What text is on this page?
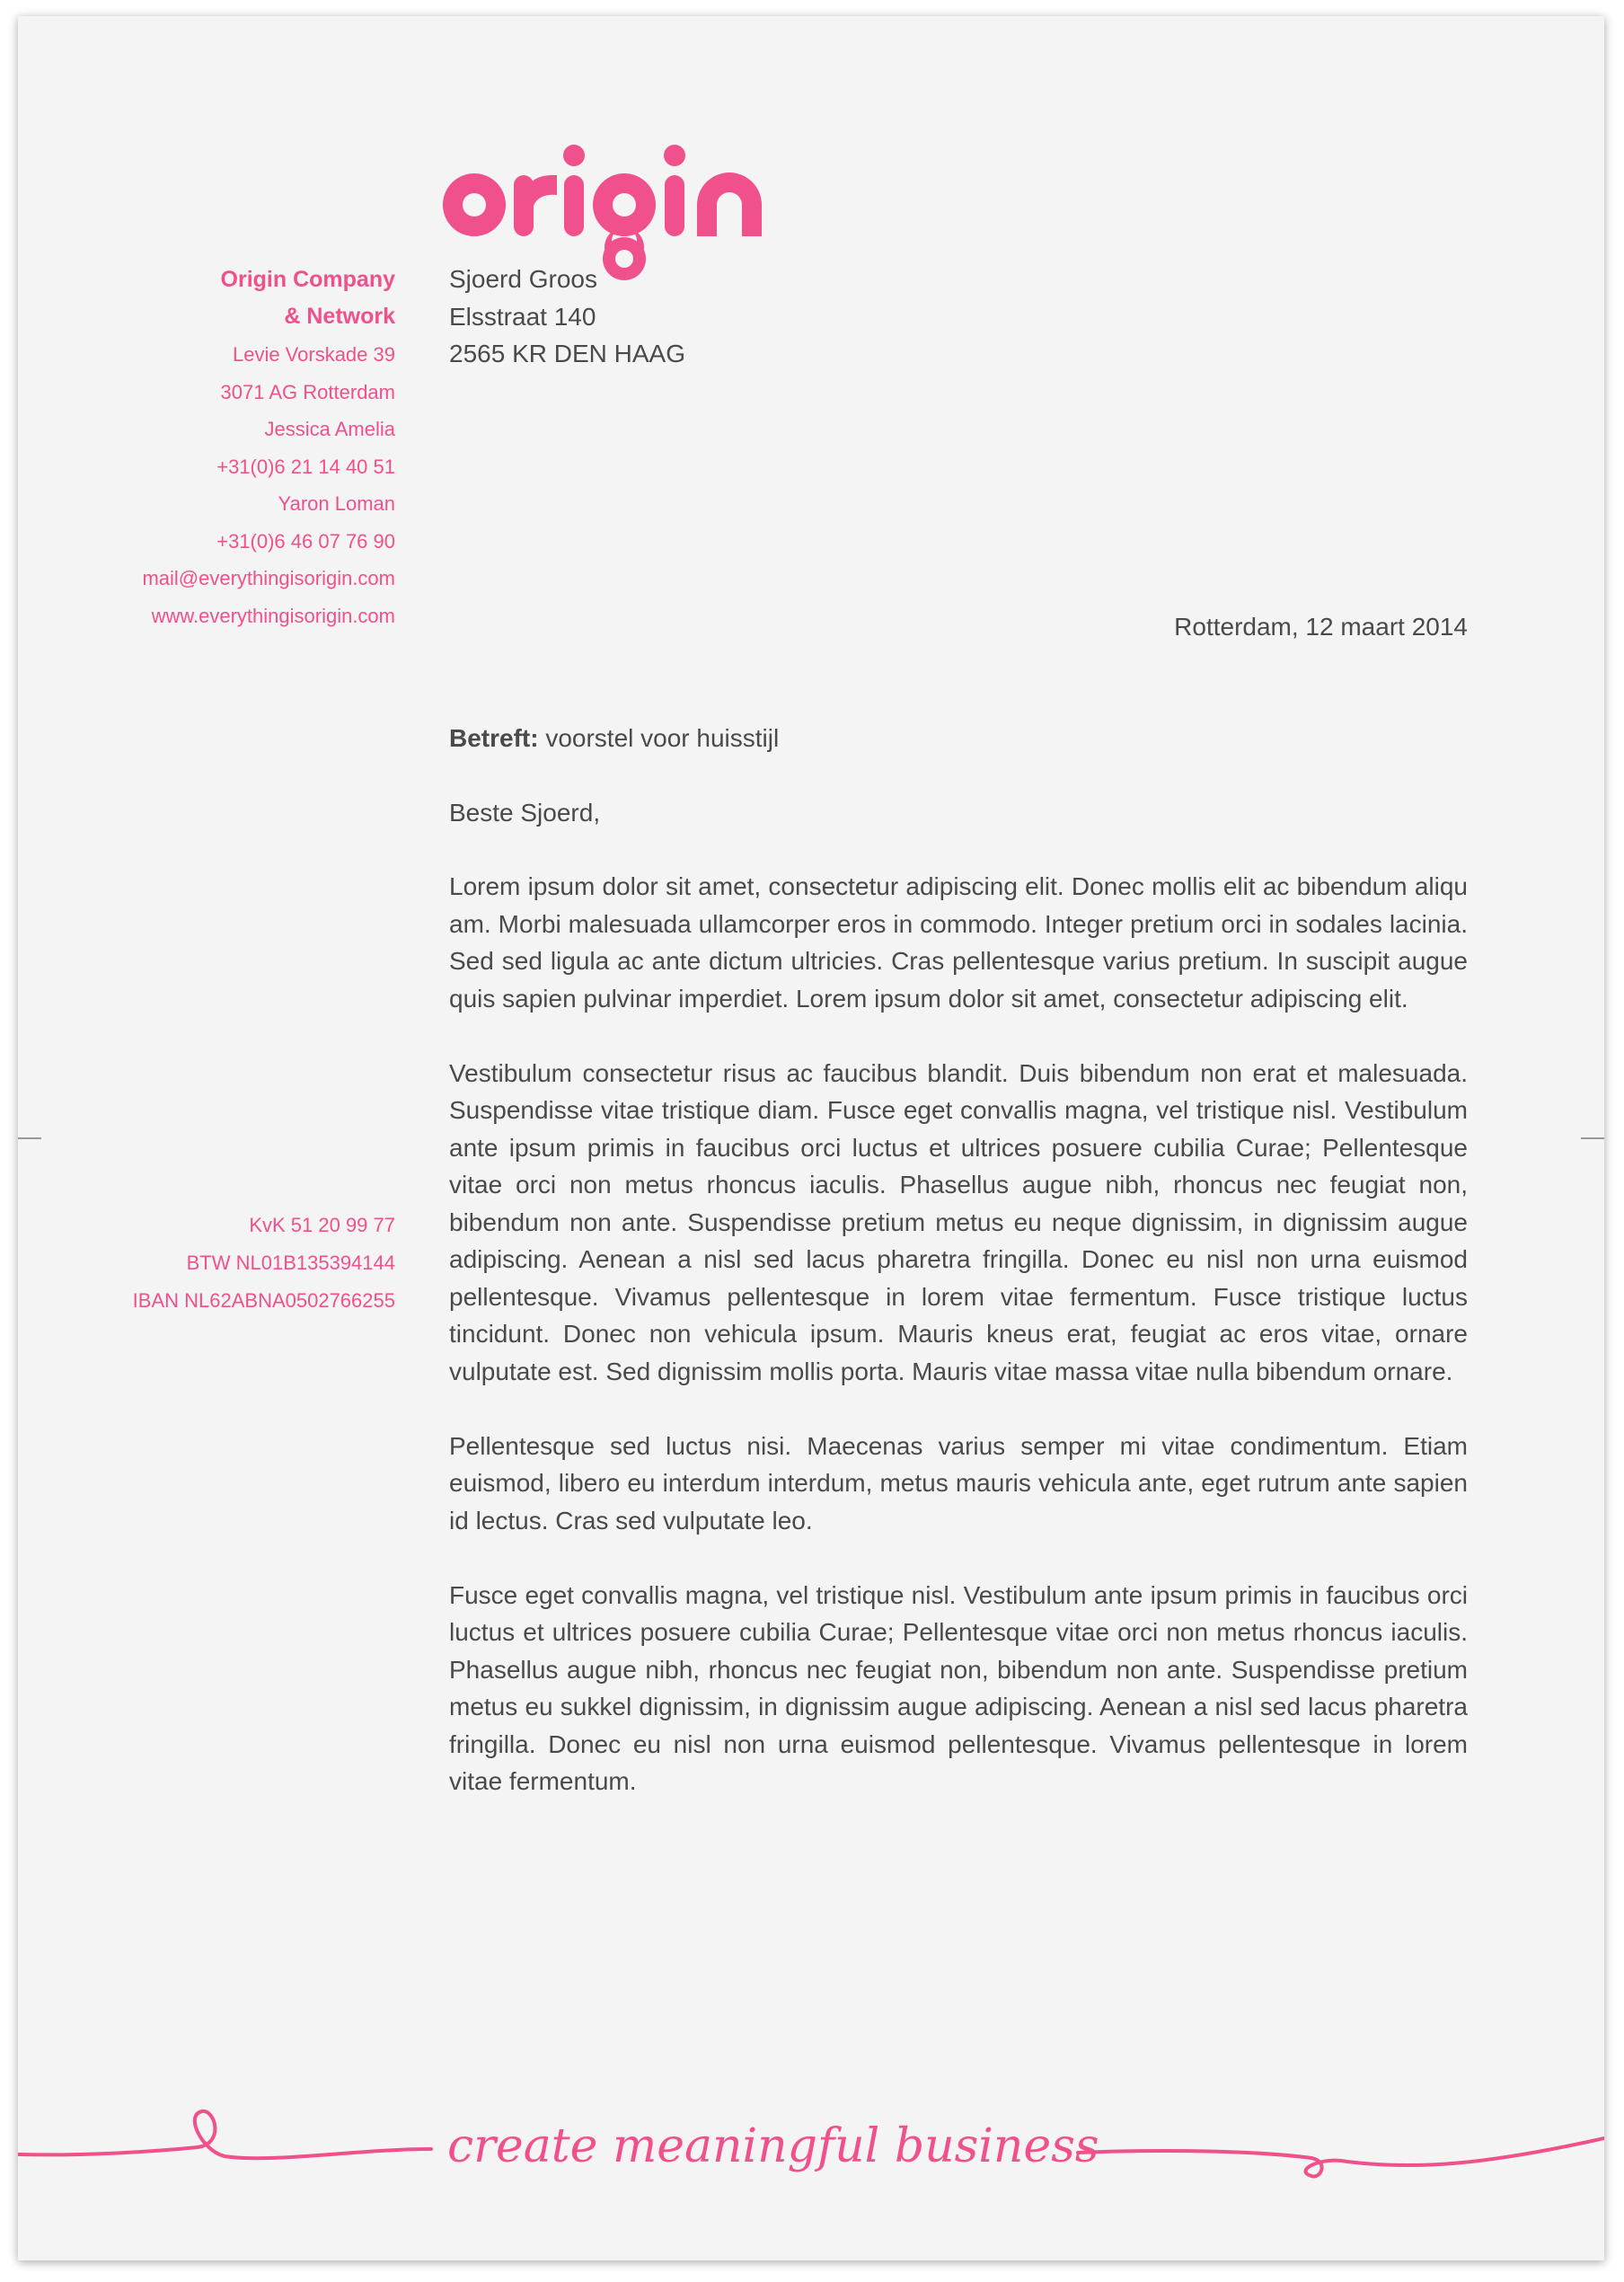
Origin Company
& Network
Levie Vorskade 39
3071 AG Rotterdam
Jessica Amelia
+31(0)6 21 14 40 51
Yaron Loman
+31(0)6 46 07 76 90
mail@everythingisorigin.com
www.everythingisorigin.com
KvK 51 20 99 77
BTW NL01B135394144
IBAN NL62ABNA0502766255
Sjoerd Groos
Elsstraat 140
2565 KR DEN HAAG
Rotterdam, 12 maart 2014
Betreft: voorstel voor huisstijl
Beste Sjoerd,

Lorem ipsum dolor sit amet, consectetur adipiscing elit. Donec mollis elit ac bibendum aliqu am. Morbi malesuada ullamcorper eros in commodo. Integer pretium orci in sodales lacinia. Sed sed ligula ac ante dictum ultricies. Cras pellentesque varius pretium. In suscipit augue quis sapien pulvinar imperdiet. Lorem ipsum dolor sit amet, consectetur adipiscing elit.

Vestibulum consectetur risus ac faucibus blandit. Duis bibendum non erat et malesuada. Suspendisse vitae tristique diam. Fusce eget convallis magna, vel tristique nisl. Vestibulum ante ipsum primis in faucibus orci luctus et ultrices posuere cubilia Curae; Pellentesque vitae orci non metus rhoncus iaculis. Phasellus augue nibh, rhoncus nec feugiat non, bibendum non ante. Suspendisse pretium metus eu neque dignissim, in dignissim augue adipiscing. Aenean a nisl sed lacus pharetra fringilla. Donec eu nisl non urna euismod pellentesque. Vivamus pellentesque in lorem vitae fermentum. Fusce tristique luctus tincidunt. Donec non vehicula ipsum. Mauris kneus erat, feugiat ac eros vitae, ornare vulputate est. Sed dignissim mollis porta. Mauris vitae massa vitae nulla bibendum ornare.

Pellentesque sed luctus nisi. Maecenas varius semper mi vitae condimentum. Etiam euismod, libero eu interdum interdum, metus mauris vehicula ante, eget rutrum ante sapien id lectus. Cras sed vulputate leo.

Fusce eget convallis magna, vel tristique nisl. Vestibulum ante ipsum primis in faucibus orci luctus et ultrices posuere cubilia Curae; Pellentesque vitae orci non metus rhoncus iaculis. Phasellus augue nibh, rhoncus nec feugiat non, bibendum non ante. Suspendisse pretium metus eu sukkel dignissim, in dignissim augue adipiscing. Aenean a nisl sed lacus pharetra fringilla. Donec eu nisl non urna euismod pellentesque. Vivamus pellentesque in lorem vitae fermentum.

create meaningful business
